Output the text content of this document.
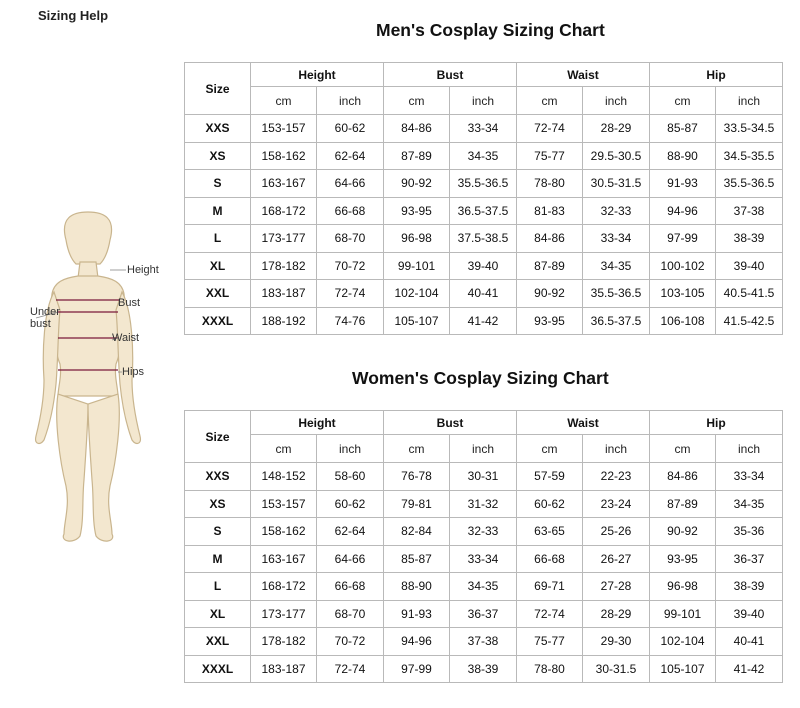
Sizing Help
Height
Bust
Under
bust
Waist
Hips
Men's Cosplay Sizing Chart
Size	Height		Bust		Waist		Hip	
	cm	inch	cm	inch	cm	inch	cm	inch
XXS	153-157	60-62	84-86	33-34	72-74	28-29	85-87	33.5-34.5
XS	158-162	62-64	87-89	34-35	75-77	29.5-30.5	88-90	34.5-35.5
S	163-167	64-66	90-92	35.5-36.5	78-80	30.5-31.5	91-93	35.5-36.5
M	168-172	66-68	93-95	36.5-37.5	81-83	32-33	94-96	37-38
L	173-177	68-70	96-98	37.5-38.5	84-86	33-34	97-99	38-39
XL	178-182	70-72	99-101	39-40	87-89	34-35	100-102	39-40
XXL	183-187	72-74	102-104	40-41	90-92	35.5-36.5	103-105	40.5-41.5
XXXL	188-192	74-76	105-107	41-42	93-95	36.5-37.5	106-108	41.5-42.5
Women's Cosplay Sizing Chart
Size	Height		Bust		Waist		Hip	
	cm	inch	cm	inch	cm	inch	cm	inch
XXS	148-152	58-60	76-78	30-31	57-59	22-23	84-86	33-34
XS	153-157	60-62	79-81	31-32	60-62	23-24	87-89	34-35
S	158-162	62-64	82-84	32-33	63-65	25-26	90-92	35-36
M	163-167	64-66	85-87	33-34	66-68	26-27	93-95	36-37
L	168-172	66-68	88-90	34-35	69-71	27-28	96-98	38-39
XL	173-177	68-70	91-93	36-37	72-74	28-29	99-101	39-40
XXL	178-182	70-72	94-96	37-38	75-77	29-30	102-104	40-41
XXXL	183-187	72-74	97-99	38-39	78-80	30-31.5	105-107	41-42
